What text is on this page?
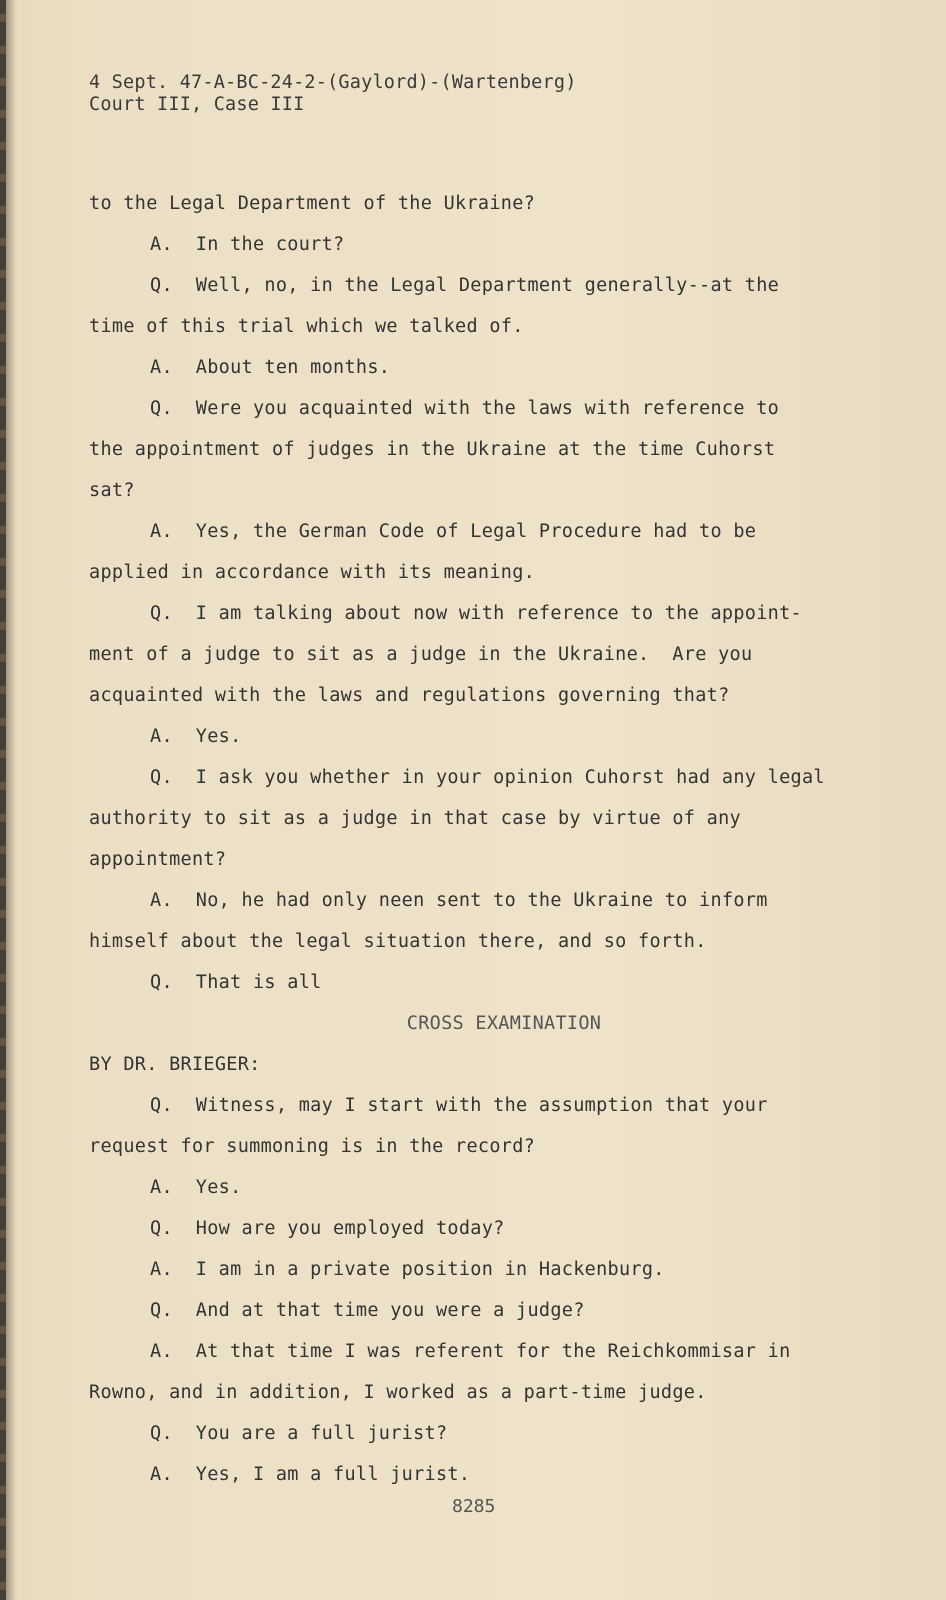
4 Sept. 47-A-BC-24-2-(Gaylord)-(Wartenberg)
Court III, Case III
to the Legal Department of the Ukraine?
A.  In the court?
Q.  Well, no, in the Legal Department generally--at the
time of this trial which we talked of.
A.  About ten months.
Q.  Were you acquainted with the laws with reference to
the appointment of judges in the Ukraine at the time Cuhorst
sat?
A.  Yes, the German Code of Legal Procedure had to be
applied in accordance with its meaning.
Q.  I am talking about now with reference to the appoint-
ment of a judge to sit as a judge in the Ukraine.  Are you
acquainted with the laws and regulations governing that?
A.  Yes.
Q.  I ask you whether in your opinion Cuhorst had any legal
authority to sit as a judge in that case by virtue of any
appointment?
A.  No, he had only neen sent to the Ukraine to inform
himself about the legal situation there, and so forth.
Q.  That is all
CROSS EXAMINATION
BY DR. BRIEGER:
Q.  Witness, may I start with the assumption that your
request for summoning is in the record?
A.  Yes.
Q.  How are you employed today?
A.  I am in a private position in Hackenburg.
Q.  And at that time you were a judge?
A.  At that time I was referent for the Reichkommisar in
Rowno, and in addition, I worked as a part-time judge.
Q.  You are a full jurist?
A.  Yes, I am a full jurist.
8285
